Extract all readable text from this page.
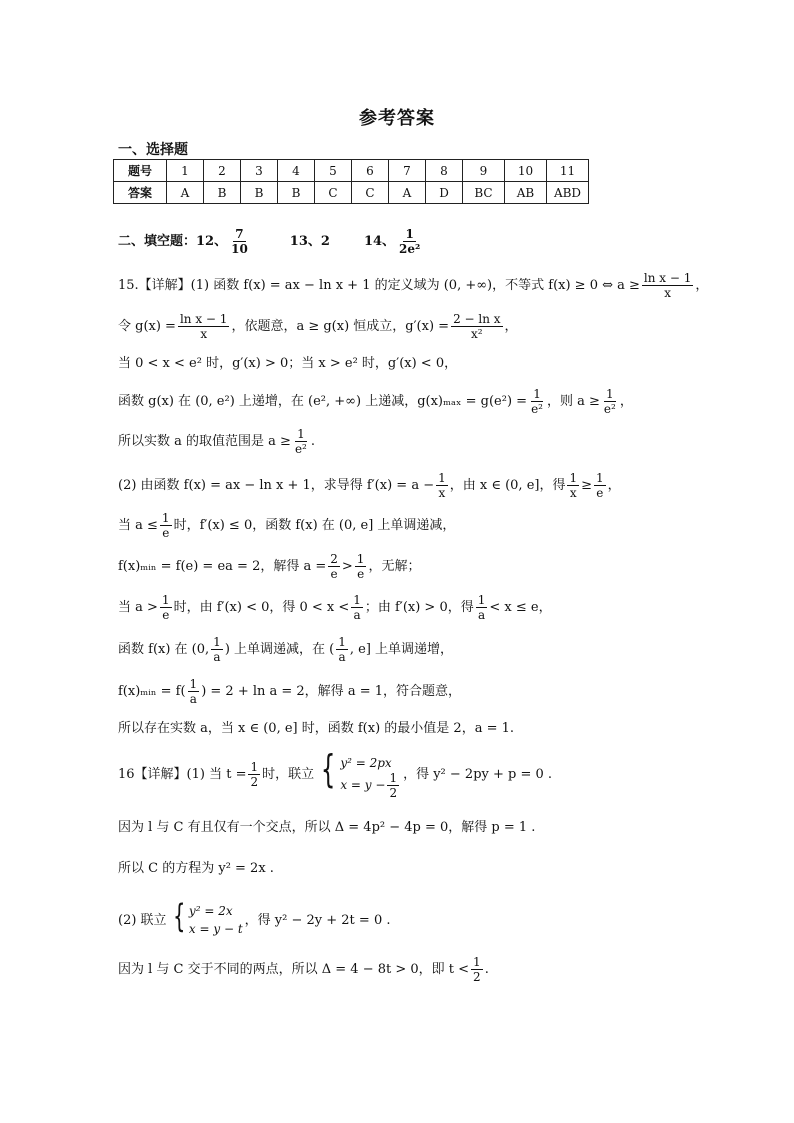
参考答案
一、选择题
题号	1	2	3	4	5	6	7	8	9	10	11
答案	A	B	B	B	C	C	A	D	BC	AB	ABD
二、填空题：12、 $\frac{7}{10}$	13、2	14、 $\frac{1}{\text{2e²}}$
15.【详解】(1) 函数 f(x) = ax − ln x + 1 的定义域为 (0, +∞)，不等式 f(x) ≥ 0 ⇔ $a \ge \frac{\text{ln x − 1}}{x}$ ，
令 $g(x) = \frac{\text{ln x − 1}}{x}$ ，依题意，a ≥ g(x) 恒成立，$g'(x) = \frac{\text{2 − ln x}}{\text{x²}}$ ，
当 0 < x < e² 时，g′(x) > 0；当 x > e² 时，g′(x) < 0，
函数 g(x) 在 (0, e²) 上递增，在 (e², +∞) 上递减，$g(x)_{max} = g(e^2) = \frac{1}{\text{e²}}$ ，则 $a \ge \frac{1}{\text{e²}}$ ，
所以实数 a 的取值范围是 $a \ge \frac{1}{\text{e²}}$ .
(2) 由函数 f(x) = ax − ln x + 1，求导得 $f'(x) = a - \frac{1}{x}$ ，由 x ∈ (0, e]，得 $\frac{1}{x} \ge \frac{1}{e}$ ，
当 $a \le \frac{1}{e}$ 时，f′(x) ≤ 0，函数 f(x) 在 (0, e] 上单调递减，
f(x)ₘᵢₙ = f(e) = ea = 2，解得 $a = \frac{2}{e} > \frac{1}{e}$ ，无解；
当 $a > \frac{1}{e}$ 时，由 f′(x) < 0，得 $0 < x < \frac{1}{a}$ ；由 f′(x) > 0，得 $\frac{1}{a} < x \le e$，
函数 f(x) 在 (0, $\frac{1}{a}$ ) 上单调递减，在 ( $\frac{1}{a}$ , e] 上单调递增，
f(x)ₘᵢₙ = $f( \frac{1}{a}$ ) = 2 + ln a = 2，解得 a = 1，符合题意，
所以存在实数 a，当 x ∈ (0, e] 时，函数 f(x) 的最小值是 2，a = 1.
16【详解】(1) 当 $t = \frac{1}{2}$ 时，联立 { y² = 2px
$x = y - \frac{1}{2}$ ，得 y² − 2py + p = 0 .
因为 l 与 C 有且仅有一个交点，所以 Δ = 4p² − 4p = 0，解得 p = 1 .
所以 C 的方程为 y² = 2x .
(2) 联立 { y² = 2x
x = y − t
，得 y² − 2y + 2t = 0 .
因为 l 与 C 交于不同的两点，所以 Δ = 4 − 8t > 0，即 $t < \frac{1}{2}$ .
